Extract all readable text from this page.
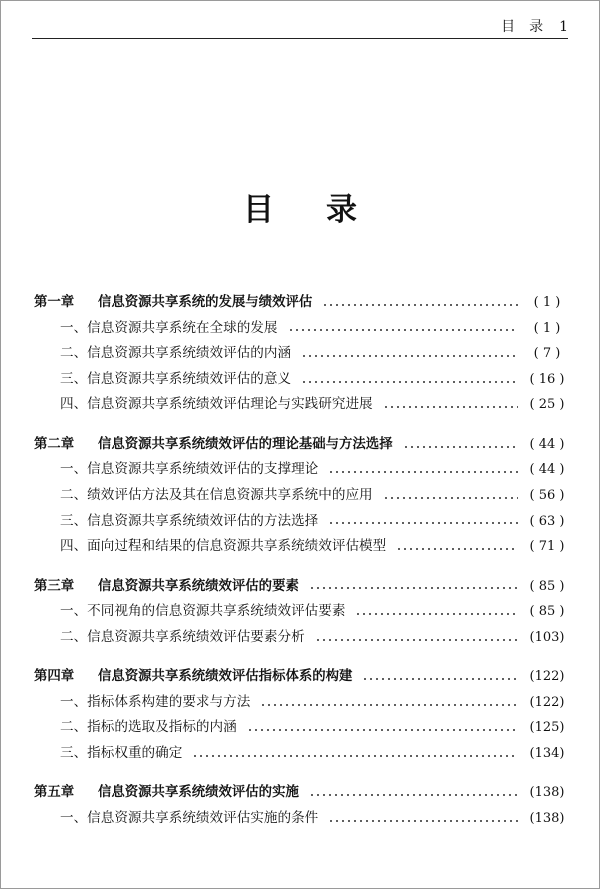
目录 1
目 录
第一章	信息资源共享系统的发展与绩效评估	( 1 )
一、信息资源共享系统在全球的发展	( 1 )
二、信息资源共享系统绩效评估的内涵	( 7 )
三、信息资源共享系统绩效评估的意义	( 16 )
四、信息资源共享系统绩效评估理论与实践研究进展	( 25 )
第二章	信息资源共享系统绩效评估的理论基础与方法选择	( 44 )
一、信息资源共享系统绩效评估的支撑理论	( 44 )
二、绩效评估方法及其在信息资源共享系统中的应用	( 56 )
三、信息资源共享系统绩效评估的方法选择	( 63 )
四、面向过程和结果的信息资源共享系统绩效评估模型	( 71 )
第三章	信息资源共享系统绩效评估的要素	( 85 )
一、不同视角的信息资源共享系统绩效评估要素	( 85 )
二、信息资源共享系统绩效评估要素分析	(103)
第四章	信息资源共享系统绩效评估指标体系的构建	(122)
一、指标体系构建的要求与方法	(122)
二、指标的选取及指标的内涵	(125)
三、指标权重的确定	(134)
第五章	信息资源共享系统绩效评估的实施	(138)
一、信息资源共享系统绩效评估实施的条件	(138)
